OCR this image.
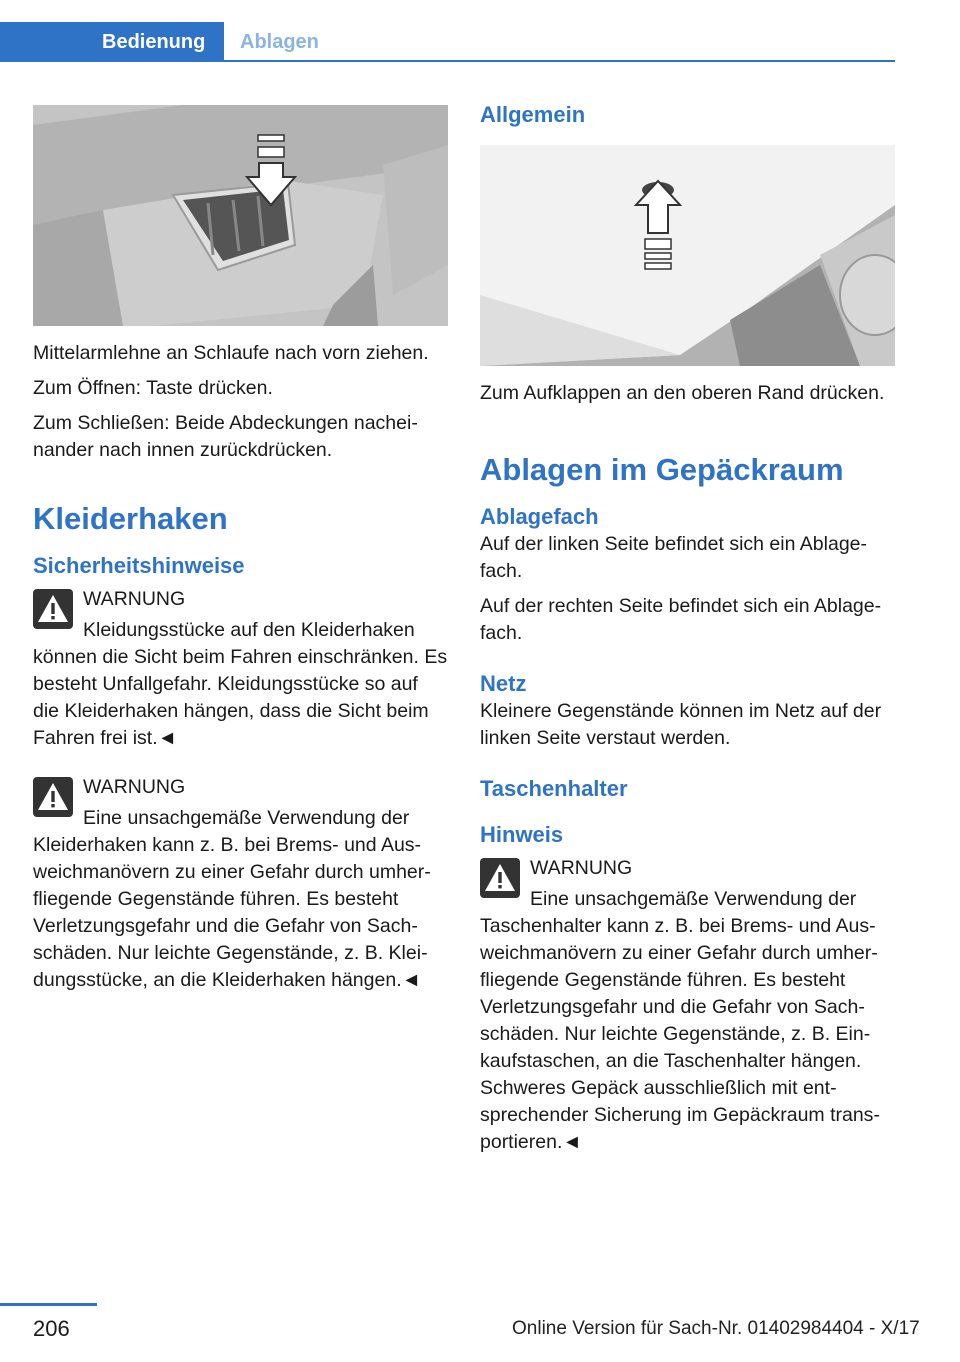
Bedienung	Ablagen

Mittelarmlehne an Schlaufe nach vorn ziehen.

Zum Öffnen: Taste drücken.

Zum Schließen: Beide Abdeckungen nacheinander nach innen zurückdrücken.

Kleiderhaken
Sicherheitshinweise
WARNUNG
Kleidungsstücke auf den Kleiderhaken können die Sicht beim Fahren einschränken. Es besteht Unfallgefahr. Kleidungsstücke so auf die Kleiderhaken hängen, dass die Sicht beim Fahren frei ist.◄
WARNUNG
Eine unsachgemäße Verwendung der Kleiderhaken kann z. B. bei Brems- und Ausweichmanövern zu einer Gefahr durch umherfliegende Gegenstände führen. Es besteht Verletzungsgefahr und die Gefahr von Sachschäden. Nur leichte Gegenstände, z. B. Kleidungsstücke, an die Kleiderhaken hängen.◄
Allgemein

Zum Aufklappen an den oberen Rand drücken.

Ablagen im Gepäckraum
Ablagefach

Auf der linken Seite befindet sich ein Ablagefach.

Auf der rechten Seite befindet sich ein Ablagefach.

Netz

Kleinere Gegenstände können im Netz auf der linken Seite verstaut werden.

Taschenhalter
Hinweis
WARNUNG
Eine unsachgemäße Verwendung der Taschenhalter kann z. B. bei Brems- und Ausweichmanövern zu einer Gefahr durch umherfliegende Gegenstände führen. Es besteht Verletzungsgefahr und die Gefahr von Sachschäden. Nur leichte Gegenstände, z. B. Einkaufstaschen, an die Taschenhalter hängen. Schweres Gepäck ausschließlich mit entsprechender Sicherung im Gepäckraum transportieren.◄
206	Online Version für Sach-Nr. 01402984404 - X/17
